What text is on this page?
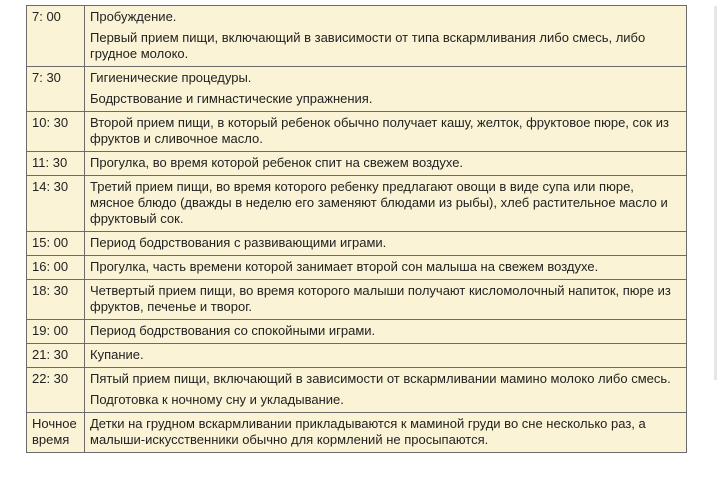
7: 00	Пробуждение.

Первый прием пищи, включающий в зависимости от типа вскармливания либо смесь, либо грудное молоко.

7: 30	Гигиенические процедуры.

Бодрствование и гимнастические упражнения.

10: 30	Второй прием пищи, в который ребенок обычно получает кашу, желток, фруктовое пюре, сок из фруктов и сливочное масло.

11: 30	Прогулка, во время которой ребенок спит на свежем воздухе.

14: 30	Третий прием пищи, во время которого ребенку предлагают овощи в виде супа или пюре, мясное блюдо (дважды в неделю его заменяют блюдами из рыбы), хлеб растительное масло и фруктовый сок.

15: 00	Период бодрствования с развивающими играми.

16: 00	Прогулка, часть времени которой занимает второй сон малыша на свежем воздухе.

18: 30	Четвертый прием пищи, во время которого малыши получают кисломолочный напиток, пюре из фруктов, печенье и творог.

19: 00	Период бодрствования со спокойными играми.

21: 30	Купание.

22: 30	Пятый прием пищи, включающий в зависимости от вскармливании мамино молоко либо смесь.

Подготовка к ночному сну и укладывание.

Ночное время	Детки на грудном вскармливании прикладываются к маминой груди во сне несколько раз, а малыши-искусственники обычно для кормлений не просыпаются.
